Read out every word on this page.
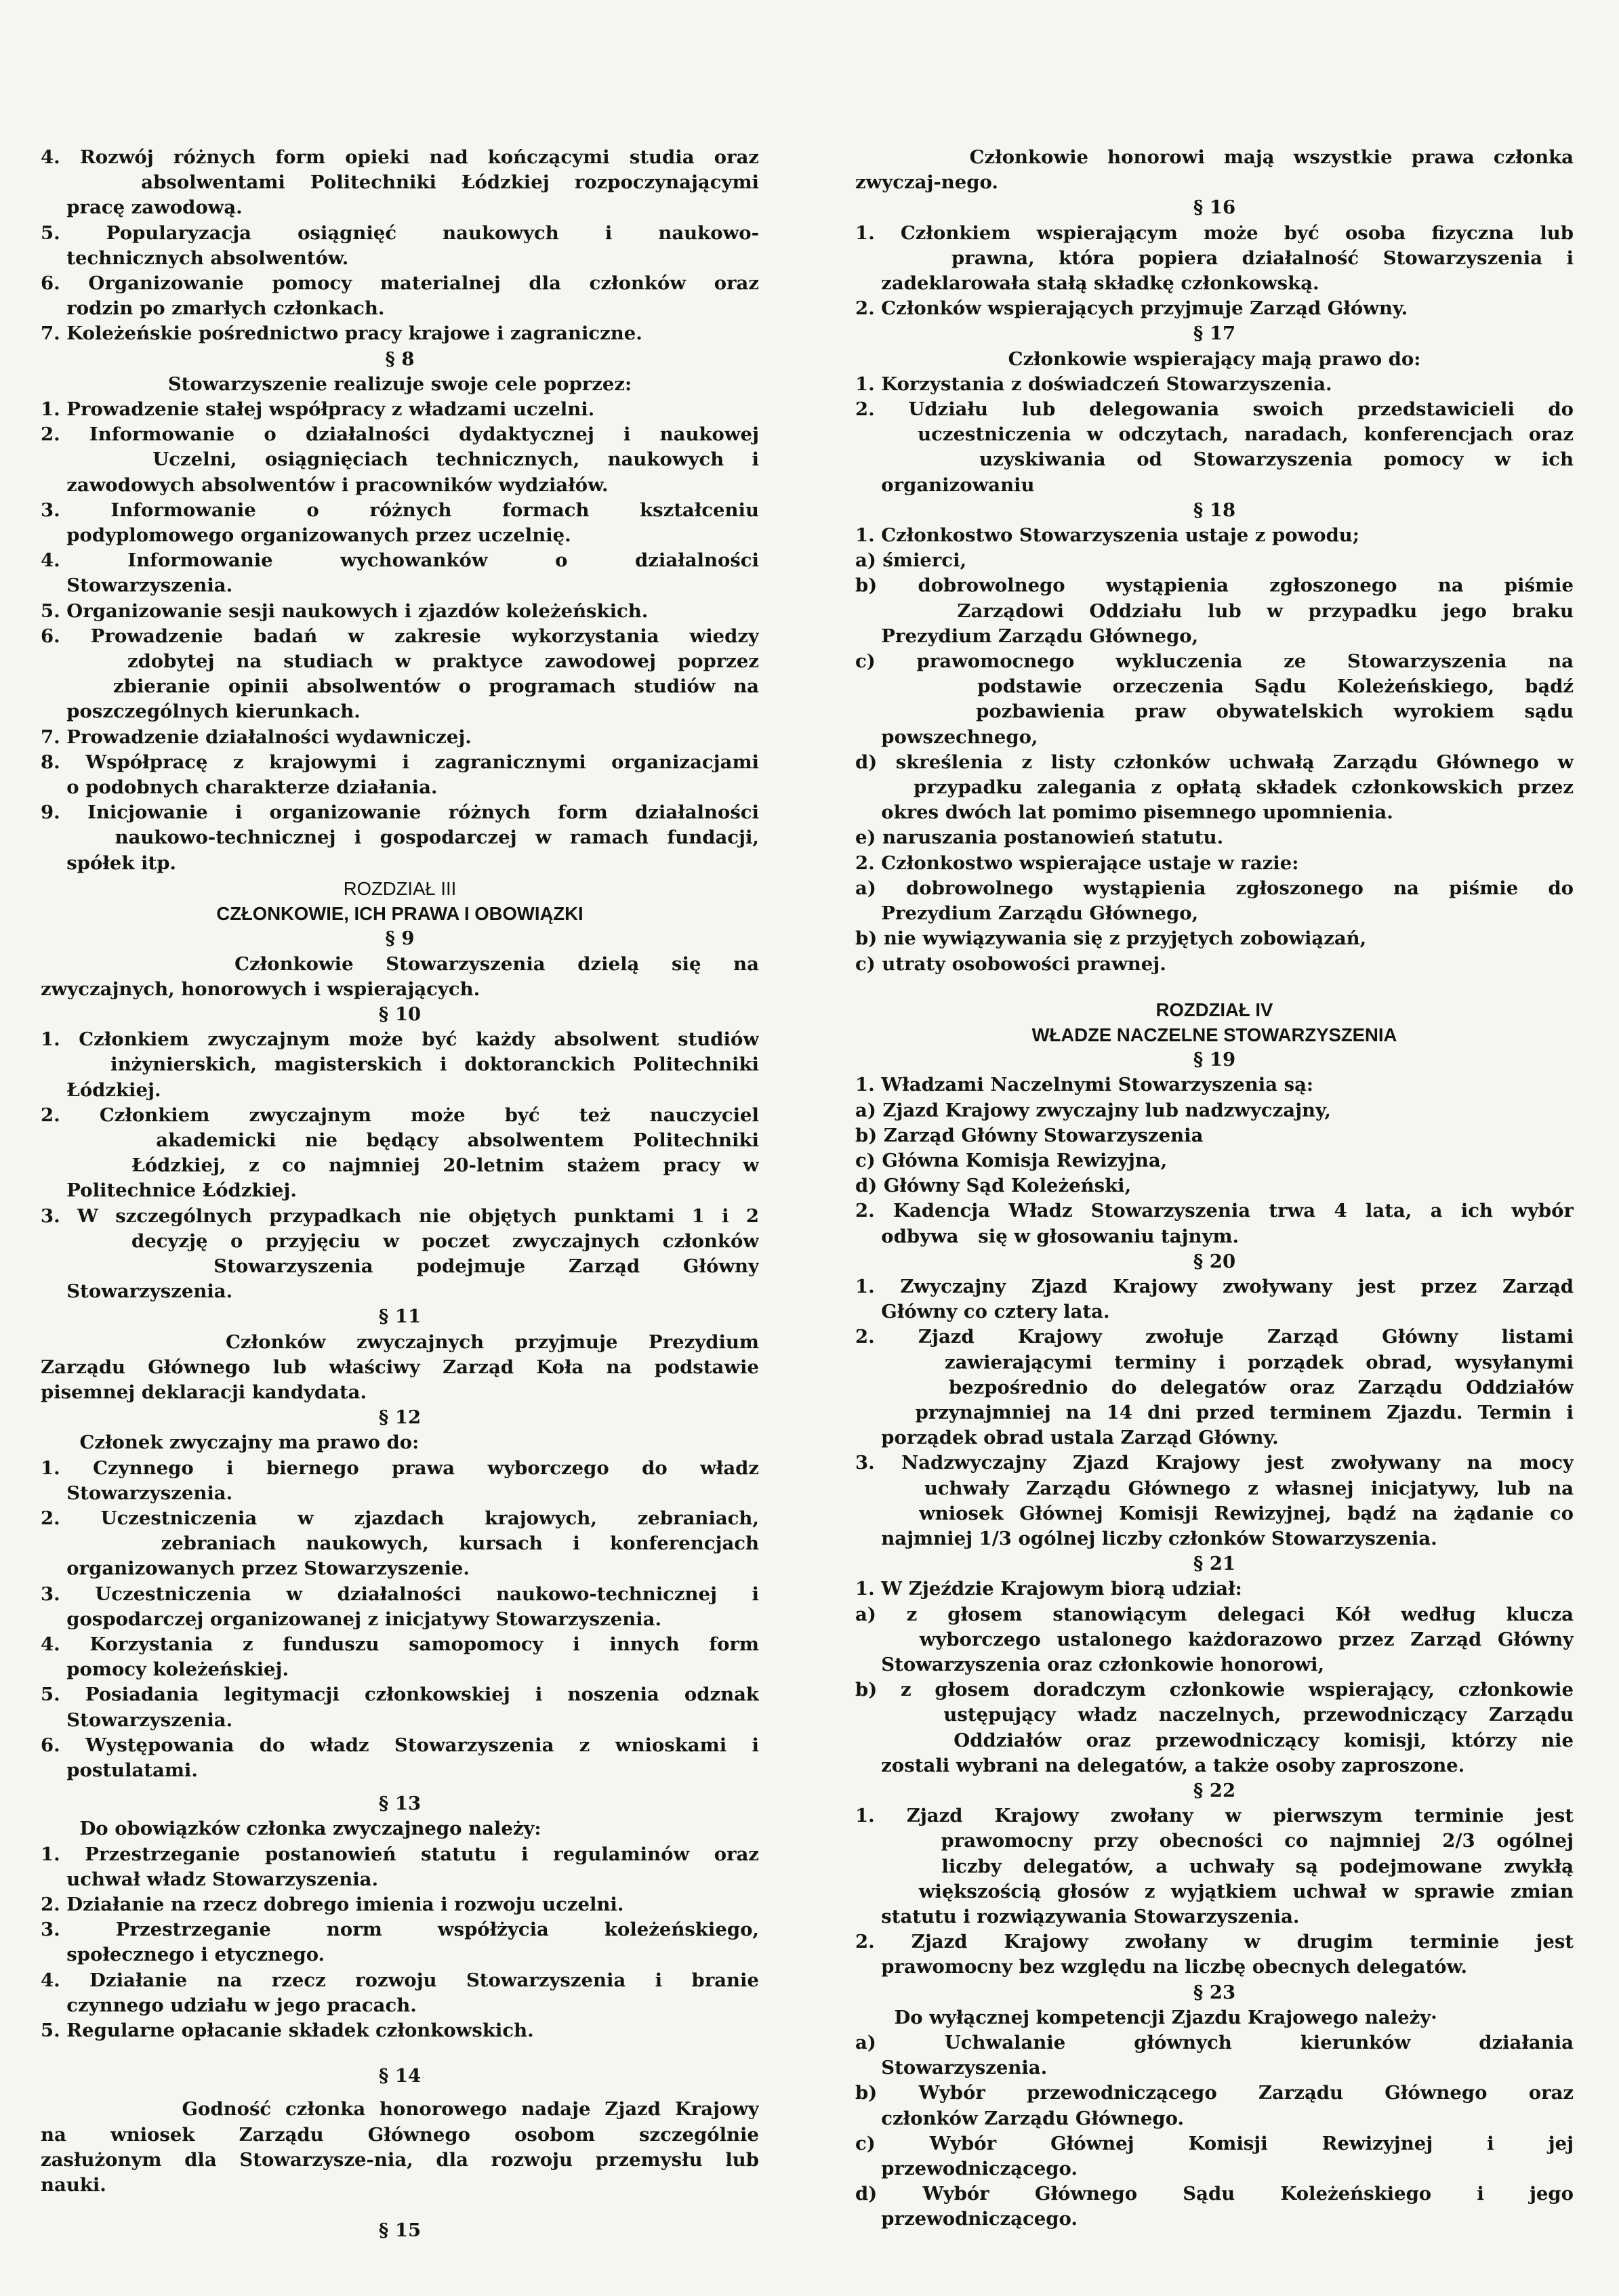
4. Rozwój różnych form opieki nad kończącymi studia oraz
absolwentami Politechniki Łódzkiej rozpoczynającymi
pracę zawodową.
5. Popularyzacja osiągnięć naukowych i naukowo-
technicznych absolwentów.
6. Organizowanie pomocy materialnej dla członków oraz
rodzin po zmarłych członkach.
7. Koleżeńskie pośrednictwo pracy krajowe i zagraniczne.
§ 8
Stowarzyszenie realizuje swoje cele poprzez:
1. Prowadzenie stałej współpracy z władzami uczelni.
2. Informowanie o działalności dydaktycznej i naukowej
Uczelni, osiągnięciach technicznych, naukowych i
zawodowych absolwentów i pracowników wydziałów.
3. Informowanie o różnych formach kształceniu
podyplomowego organizowanych przez uczelnię.
4. Informowanie wychowanków o działalności
Stowarzyszenia.
5. Organizowanie sesji naukowych i zjazdów koleżeńskich.
6. Prowadzenie badań w zakresie wykorzystania wiedzy
zdobytej na studiach w praktyce zawodowej poprzez
zbieranie opinii absolwentów o programach studiów na
poszczególnych kierunkach.
7. Prowadzenie działalności wydawniczej.
8. Współpracę z krajowymi i zagranicznymi organizacjami
o podobnych charakterze działania.
9. Inicjowanie i organizowanie różnych form działalności
naukowo-technicznej i gospodarczej w ramach fundacji,
spółek itp.
ROZDZIAŁ III
CZŁONKOWIE, ICH PRAWA I OBOWIĄZKI
§ 9
Członkowie Stowarzyszenia dzielą się na
zwyczajnych, honorowych i wspierających.
§ 10
1. Członkiem zwyczajnym może być każdy absolwent studiów
inżynierskich, magisterskich i doktoranckich Politechniki
Łódzkiej.
2. Członkiem zwyczajnym może być też nauczyciel
akademicki nie będący absolwentem Politechniki
Łódzkiej, z co najmniej 20-letnim stażem pracy w
Politechnice Łódzkiej.
3. W szczególnych przypadkach nie objętych punktami 1 i 2
decyzję o przyjęciu w poczet zwyczajnych członków
Stowarzyszenia podejmuje Zarząd Główny
Stowarzyszenia.
§ 11
Członków zwyczajnych przyjmuje Prezydium
Zarządu Głównego lub właściwy Zarząd Koła na podstawie
pisemnej deklaracji kandydata.
§ 12
Członek zwyczajny ma prawo do:
1. Czynnego i biernego prawa wyborczego do władz
Stowarzyszenia.
2. Uczestniczenia w zjazdach krajowych, zebraniach,
zebraniach naukowych, kursach i konferencjach
organizowanych przez Stowarzyszenie.
3. Uczestniczenia w działalności naukowo-technicznej i
gospodarczej organizowanej z inicjatywy Stowarzyszenia.
4. Korzystania z funduszu samopomocy i innych form
pomocy koleżeńskiej.
5. Posiadania legitymacji członkowskiej i noszenia odznak
Stowarzyszenia.
6. Występowania do władz Stowarzyszenia z wnioskami i
postulatami.
§ 13
Do obowiązków członka zwyczajnego należy:
1. Przestrzeganie postanowień statutu i regulaminów oraz
uchwał władz Stowarzyszenia.
2. Działanie na rzecz dobrego imienia i rozwoju uczelni.
3. Przestrzeganie norm współżycia koleżeńskiego,
społecznego i etycznego.
4. Działanie na rzecz rozwoju Stowarzyszenia i branie
czynnego udziału w jego pracach.
5. Regularne opłacanie składek członkowskich.
§ 14
Godność członka honorowego nadaje Zjazd Krajowy
na wniosek Zarządu Głównego osobom szczególnie
zasłużonym dla Stowarzysze-nia, dla rozwoju przemysłu lub
nauki.
§ 15
Członkowie honorowi mają wszystkie prawa członka
zwyczaj-nego.
§ 16
1. Członkiem wspierającym może być osoba fizyczna lub
prawna, która popiera działalność Stowarzyszenia i
zadeklarowała stałą składkę członkowską.
2. Członków wspierających przyjmuje Zarząd Główny.
§ 17
Członkowie wspierający mają prawo do:
1. Korzystania z doświadczeń Stowarzyszenia.
2. Udziału lub delegowania swoich przedstawicieli do
uczestniczenia w odczytach, naradach, konferencjach oraz
uzyskiwania od Stowarzyszenia pomocy w ich
organizowaniu
§ 18
1. Członkostwo Stowarzyszenia ustaje z powodu;
a) śmierci,
b) dobrowolnego wystąpienia zgłoszonego na piśmie
Zarządowi Oddziału lub w przypadku jego braku
Prezydium Zarządu Głównego,
c) prawomocnego wykluczenia ze Stowarzyszenia na
podstawie orzeczenia Sądu Koleżeńskiego, bądź
pozbawienia praw obywatelskich wyrokiem sądu
powszechnego,
d) skreślenia z listy członków uchwałą Zarządu Głównego w
przypadku zalegania z opłatą składek członkowskich przez
okres dwóch lat pomimo pisemnego upomnienia.
e) naruszania postanowień statutu.
2. Członkostwo wspierające ustaje w razie:
a) dobrowolnego wystąpienia zgłoszonego na piśmie do
Prezydium Zarządu Głównego,
b) nie wywiązywania się z przyjętych zobowiązań,
c) utraty osobowości prawnej.
ROZDZIAŁ IV
WŁADZE NACZELNE STOWARZYSZENIA
§ 19
1. Władzami Naczelnymi Stowarzyszenia są:
a) Zjazd Krajowy zwyczajny lub nadzwyczajny,
b) Zarząd Główny Stowarzyszenia
c) Główna Komisja Rewizyjna,
d) Główny Sąd Koleżeński,
2. Kadencja Władz Stowarzyszenia trwa 4 lata, a ich wybór
odbywa   się w głosowaniu tajnym.
§ 20
1. Zwyczajny Zjazd Krajowy zwoływany jest przez Zarząd
Główny co cztery lata.
2. Zjazd Krajowy zwołuje Zarząd Główny listami
zawierającymi terminy i porządek obrad, wysyłanymi
bezpośrednio do delegatów oraz Zarządu Oddziałów
przynajmniej na 14 dni przed terminem Zjazdu. Termin i
porządek obrad ustala Zarząd Główny.
3. Nadzwyczajny Zjazd Krajowy jest zwoływany na mocy
uchwały Zarządu Głównego z własnej inicjatywy, lub na
wniosek Głównej Komisji Rewizyjnej, bądź na żądanie co
najmniej 1/3 ogólnej liczby członków Stowarzyszenia.
§ 21
1. W Zjeździe Krajowym biorą udział:
a) z głosem stanowiącym delegaci Kół według klucza
wyborczego ustalonego każdorazowo przez Zarząd Główny
Stowarzyszenia oraz członkowie honorowi,
b) z głosem doradczym członkowie wspierający, członkowie
ustępujący władz naczelnych, przewodniczący Zarządu
Oddziałów oraz przewodniczący komisji, którzy nie
zostali wybrani na delegatów, a także osoby zaproszone.
§ 22
1. Zjazd Krajowy zwołany w pierwszym terminie jest
prawomocny przy obecności co najmniej 2/3 ogólnej
liczby delegatów, a uchwały są podejmowane zwykłą
większością głosów z wyjątkiem uchwał w sprawie zmian
statutu i rozwiązywania Stowarzyszenia.
2. Zjazd Krajowy zwołany w drugim terminie jest
prawomocny bez względu na liczbę obecnych delegatów.
§ 23
Do wyłącznej kompetencji Zjazdu Krajowego należy·
a) Uchwalanie głównych kierunków działania
Stowarzyszenia.
b) Wybór przewodniczącego Zarządu Głównego oraz
członków Zarządu Głównego.
c) Wybór Głównej Komisji Rewizyjnej i jej
przewodniczącego.
d) Wybór Głównego Sądu Koleżeńskiego i jego
przewodniczącego.
